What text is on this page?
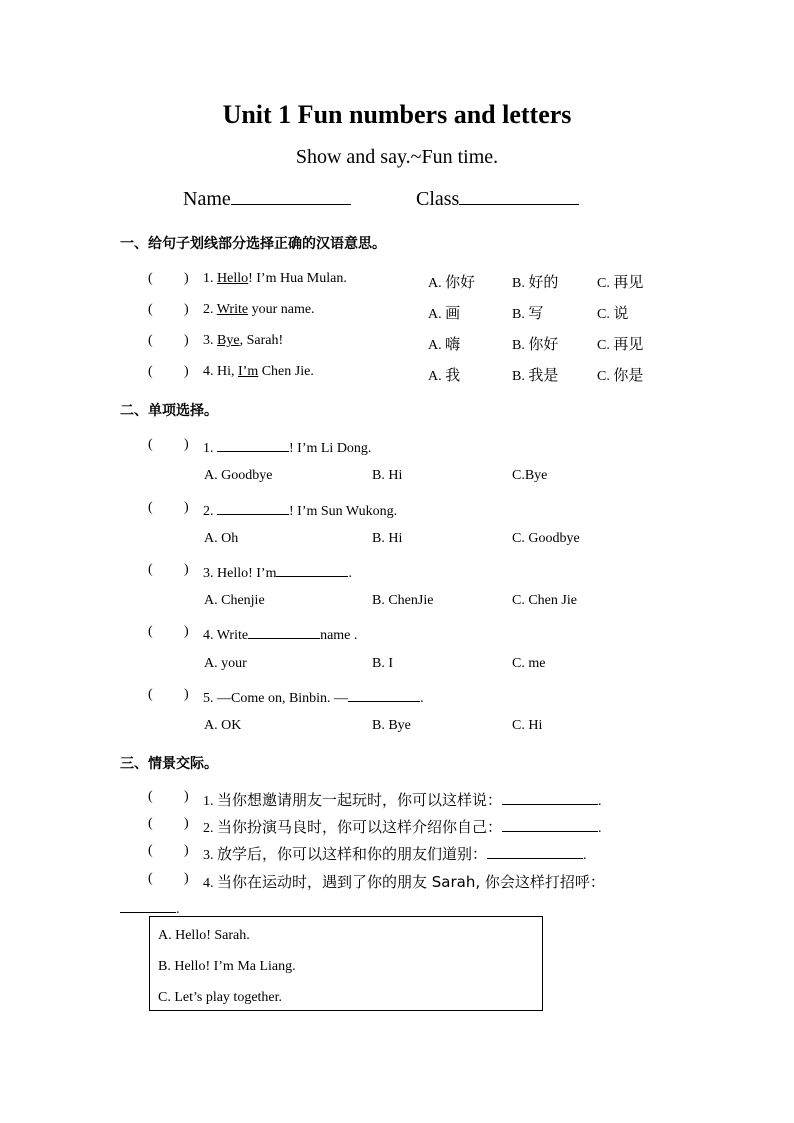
Unit 1 Fun numbers and letters
Show and say.~Fun time.
Name	Class
一、给句子划线部分选择正确的汉语意思。
( ) 1. Hello! I’m Hua Mulan.	A. 你好	B. 好的	C. 再见
( ) 2. Write your name.	A. 画	B. 写	C. 说
( ) 3. Bye, Sarah!	A. 嗨	B. 你好	C. 再见
( ) 4. Hi, I’m Chen Jie.	A. 我	B. 我是	C. 你是
二、单项选择。
( ) 1.	! I’m Li Dong.
A. Goodbye	B. Hi	C.Bye
( ) 2.	! I’m Sun Wukong.
A. Oh	B. Hi	C. Goodbye
( ) 3. Hello! I’m	.
A. Chenjie	B. ChenJie	C. Chen Jie
( ) 4. Write	name .
A. your	B. I	C. me
( ) 5. —Come on, Binbin. —	.
A. OK	B. Bye	C. Hi
三、情景交际。
( ) 1. 当你想邀请朋友一起玩时，你可以这样说：	.
( ) 2. 当你扮演马良时，你可以这样介绍你自己：	.
( ) 3. 放学后，你可以这样和你的朋友们道别：	.
( ) 4. 当你在运动时，遇到了你的朋友 Sarah, 你会这样打招呼：
.
A. Hello! Sarah.
B. Hello! I’m Ma Liang.
C. Let’s play together.
